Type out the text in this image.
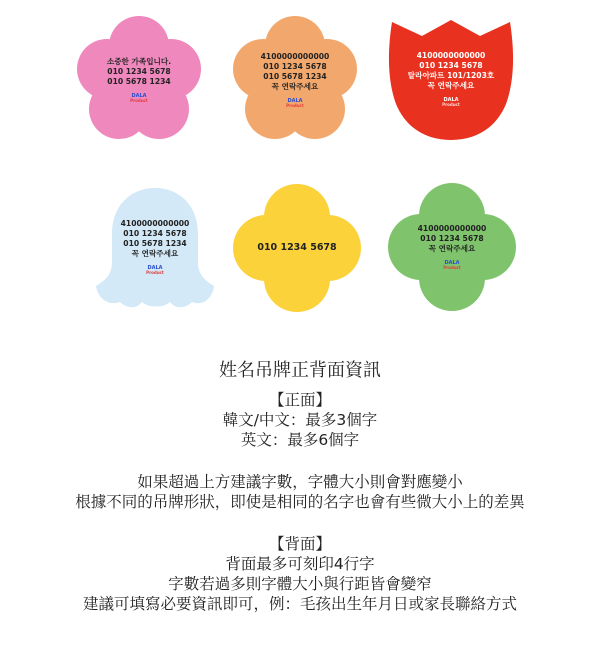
소중한 가족입니다.
010 1234 5678
010 5678 1234
DALA
Product
4100000000000
010 1234 5678
010 5678 1234
꼭 연락주세요
DALA
Product
4100000000000
010 1234 5678
탈라아파트 101/1203호
꼭 연락주세요
DALA
Product
4100000000000
010 1234 5678
010 5678 1234
꼭 연락주세요
DALA
Product
010 1234 5678
4100000000000
010 1234 5678
꼭 연락주세요
DALA
Product
姓名吊牌正背面資訊
【正面】
韓文/中文：最多3個字
英文：最多6個字
如果超過上方建議字數，字體大小則會對應變小
根據不同的吊牌形狀，即使是相同的名字也會有些微大小上的差異
【背面】
背面最多可刻印4行字
字數若過多則字體大小與行距皆會變窄
建議可填寫必要資訊即可，例：毛孩出生年月日或家長聯絡方式
